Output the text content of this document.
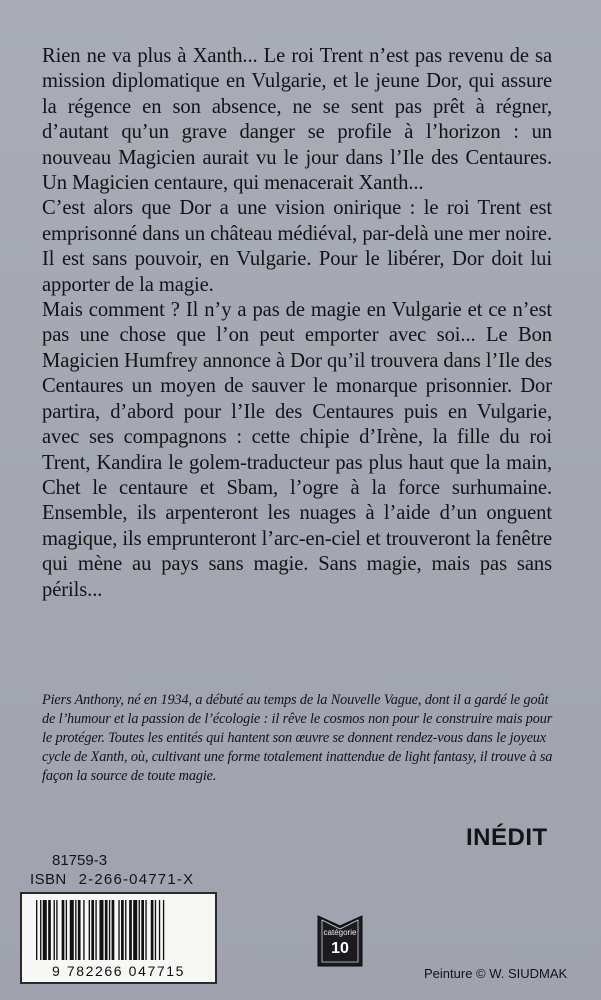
Rien ne va plus à Xanth... Le roi Trent n’est pas revenu de sa mission diplomatique en Vulgarie, et le jeune Dor, qui assure la régence en son absence, ne se sent pas prêt à régner, d’autant qu’un grave danger se profile à l’horizon : un nouveau Magicien aurait vu le jour dans l’Ile des Centaures. Un Magicien centaure, qui menacerait Xanth...

C’est alors que Dor a une vision onirique : le roi Trent est emprisonné dans un château médiéval, par-delà une mer noire. Il est sans pouvoir, en Vulgarie. Pour le libérer, Dor doit lui apporter de la magie.

Mais comment ? Il n’y a pas de magie en Vulgarie et ce n’est pas une chose que l’on peut emporter avec soi... Le Bon Magicien Humfrey annonce à Dor qu’il trouvera dans l’Ile des Centaures un moyen de sauver le monarque prisonnier. Dor partira, d’abord pour l’Ile des Centaures puis en Vulgarie, avec ses compagnons : cette chipie d’Irène, la fille du roi Trent, Kandira le golem-traducteur pas plus haut que la main, Chet le centaure et Sbam, l’ogre à la force surhumaine. Ensemble, ils arpenteront les nuages à l’aide d’un onguent magique, ils emprunteront l’arc-en-ciel et trouveront la fenêtre qui mène au pays sans magie. Sans magie, mais pas sans périls...

Piers Anthony, né en 1934, a débuté au temps de la Nouvelle Vague, dont il a gardé le goût de l’humour et la passion de l’écologie : il rêve le cosmos non pour le construire mais pour le protéger. Toutes les entités qui hantent son œuvre se donnent rendez-vous dans le joyeux cycle de Xanth, où, cultivant une forme totalement inattendue de light fantasy, il trouve à sa façon la source de toute magie.
INÉDIT
81759-3
ISBN 2-266-04771-X
9 782266 047715
catégorie
10
Peinture © W. SIUDMAK
